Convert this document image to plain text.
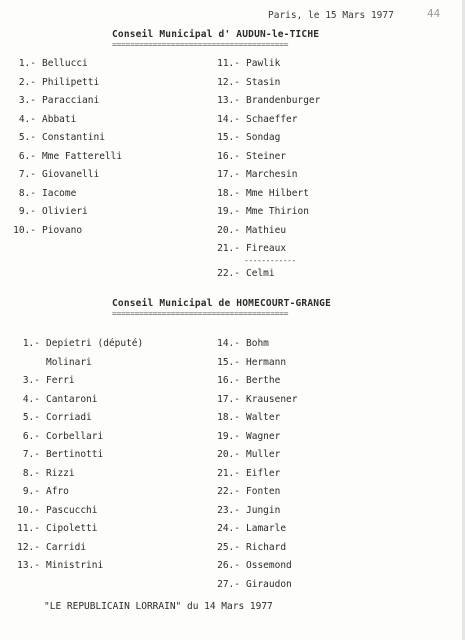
Paris, le 15 Mars 1977	44
Conseil Municipal d' AUDUN-le-TICHE
=======================================
1.- Bellucci
2.- Philipetti
3.- Paracciani
4.- Abbati
5.- Constantini
6.- Mme Fatterelli
7.- Giovanelli
8.- Iacome
9.- Olivieri
10.- Piovano
11.- Pawlik
12.- Stasin
13.- Brandenburger
14.- Schaeffer
15.- Sondag
16.- Steiner
17.- Marchesin
18.- Mme Hilbert
19.- Mme Thirion
20.- Mathieu
21.- Fireaux
22.- Celmi
------------
Conseil Municipal de HOMECOURT-GRANGE
=======================================
1.- Depietri (député)
Molinari
3.- Ferri
4.- Cantaroni
5.- Corriadi
6.- Corbellari
7.- Bertinotti
8.- Rizzi
9.- Afro
10.- Pascucchi
11.- Cipoletti
12.- Carridi
13.- Ministrini
14.- Bohm
15.- Hermann
16.- Berthe
17.- Krausener
18.- Walter
19.- Wagner
20.- Muller
21.- Eifler
22.- Fonten
23.- Jungin
24.- Lamarle
25.- Richard
26.- Ossemond
27.- Giraudon
"LE REPUBLICAIN LORRAIN" du 14 Mars 1977
